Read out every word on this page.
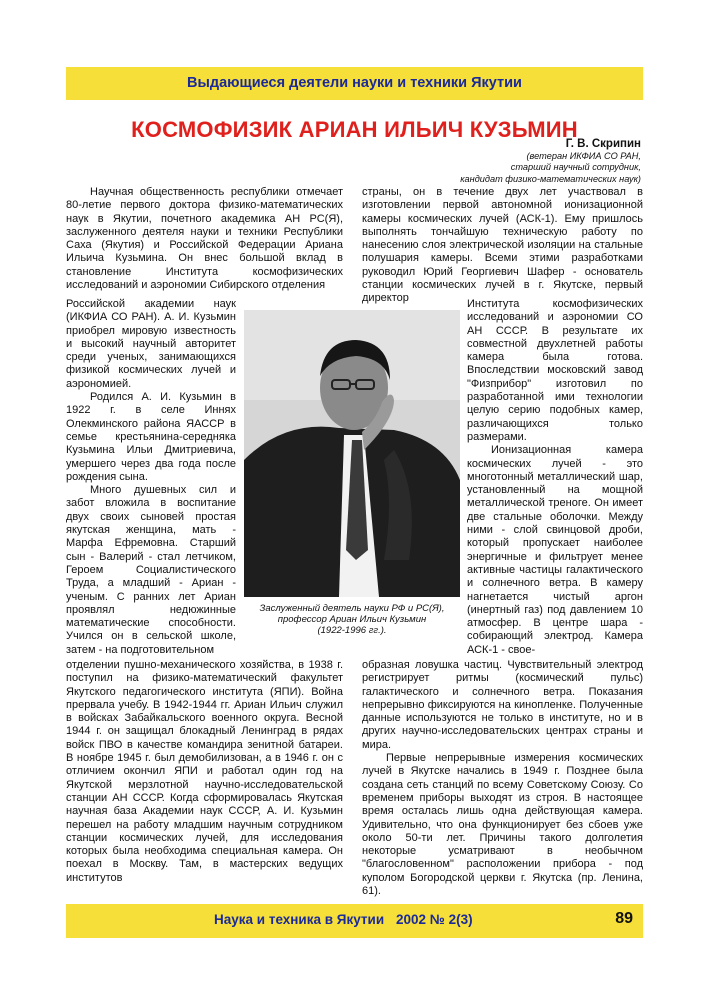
Выдающиеся деятели науки и техники Якутии
КОСМОФИЗИК АРИАН ИЛЬИЧ КУЗЬМИН
Г. В. Скрипин
(ветеран ИКФИА СО РАН,
старший научный сотрудник,
кандидат физико-математических наук)

Научная общественность республики отмечает 80-летие первого доктора физико-математических наук в Якутии, почетного академика АН РС(Я), заслуженного деятеля науки и техники Республики Саха (Якутия) и Российской Федерации Ариана Ильича Кузьмина. Он внес большой вклад в становление Института космофизических исследований и аэрономии Сибирского отделения

Российской академии наук (ИКФИА СО РАН). А. И. Кузьмин приобрел мировую известность и высокий научный авторитет среди ученых, занимающихся физикой космических лучей и аэрономией.

Родился А. И. Кузьмин в 1922 г. в селе Иннях Олекминского района ЯАССР в семье крестьянина-середняка Кузьмина Ильи Дмитриевича, умершего через два года после рождения сына.

Много душевных сил и забот вложила в воспитание двух своих сыновей простая якутская женщина, мать - Марфа Ефремовна. Старший сын - Валерий - стал летчиком, Героем Социалистического Труда, а младший - Ариан - ученым. С ранних лет Ариан проявлял недюжинные математические способности. Учился он в сельской школе, затем - на подготовительном

отделении пушно-механического хозяйства, в 1938 г. поступил на физико-математический факультет Якутского педагогического института (ЯПИ). Война прервала учебу. В 1942-1944 гг. Ариан Ильич служил в войсках Забайкальского военного округа. Весной 1944 г. он защищал блокадный Ленинград в рядах войск ПВО в качестве командира зенитной батареи. В ноябре 1945 г. был демобилизован, а в 1946 г. он с отличием окончил ЯПИ и работал один год на Якутской мерзлотной научно-исследовательской станции АН СССР. Когда сформировалась Якутская научная база Академии наук СССР, А. И. Кузьмин перешел на работу младшим научным сотрудником станции космических лучей, для исследования которых была необходима специальная камера. Он поехал в Москву. Там, в мастерских ведущих институтов

Заслуженный деятель науки РФ и РС(Я),
профессор Ариан Ильич Кузьмин
(1922-1996 гг.).

страны, он в течение двух лет участвовал в изготовлении первой автономной ионизационной камеры космических лучей (АСК-1). Ему пришлось выполнять тончайшую техническую работу по нанесению слоя электрической изоляции на стальные полушария камеры. Всеми этими разработками руководил Юрий Георгиевич Шафер - основатель станции космических лучей в г. Якутске, первый директор	Института космофизических исследований и аэрономии СО АН СССР. В результате их совместной двухлетней работы камера была готова. Впоследствии московский завод "Физприбор" изготовил по разработанной ими технологии целую серию подобных камер, различающихся только размерами.

Ионизационная камера космических лучей - это многотонный металлический шар, установленный на мощной металлической треноге. Он имеет две стальные оболочки. Между ними - слой свинцовой дроби, который пропускает наиболее энергичные и фильтрует менее активные частицы галактического и солнечного ветра. В камеру нагнетается чистый аргон (инертный газ) под давлением 10 атмосфер. В центре шара - собирающий электрод. Камера АСК-1 - свое-

образная ловушка частиц. Чувствительный электрод регистрирует ритмы (космический пульс) галактического и солнечного ветра. Показания непрерывно фиксируются на кинопленке. Полученные данные используются не только в институте, но и в других научно-исследовательских центрах страны и мира.

Первые непрерывные измерения космических лучей в Якутске начались в 1949 г. Позднее была создана сеть станций по всему Советскому Союзу. Со временем приборы выходят из строя. В настоящее время осталась лишь одна действующая камера. Удивительно, что она функционирует без сбоев уже около 50-ти лет. Причины такого долголетия некоторые усматривают в необычном "благословенном" расположении прибора - под куполом Богородской церкви г. Якутска (пр. Ленина, 61).

Наука и техника в Якутии 2002 № 2(3)	89
